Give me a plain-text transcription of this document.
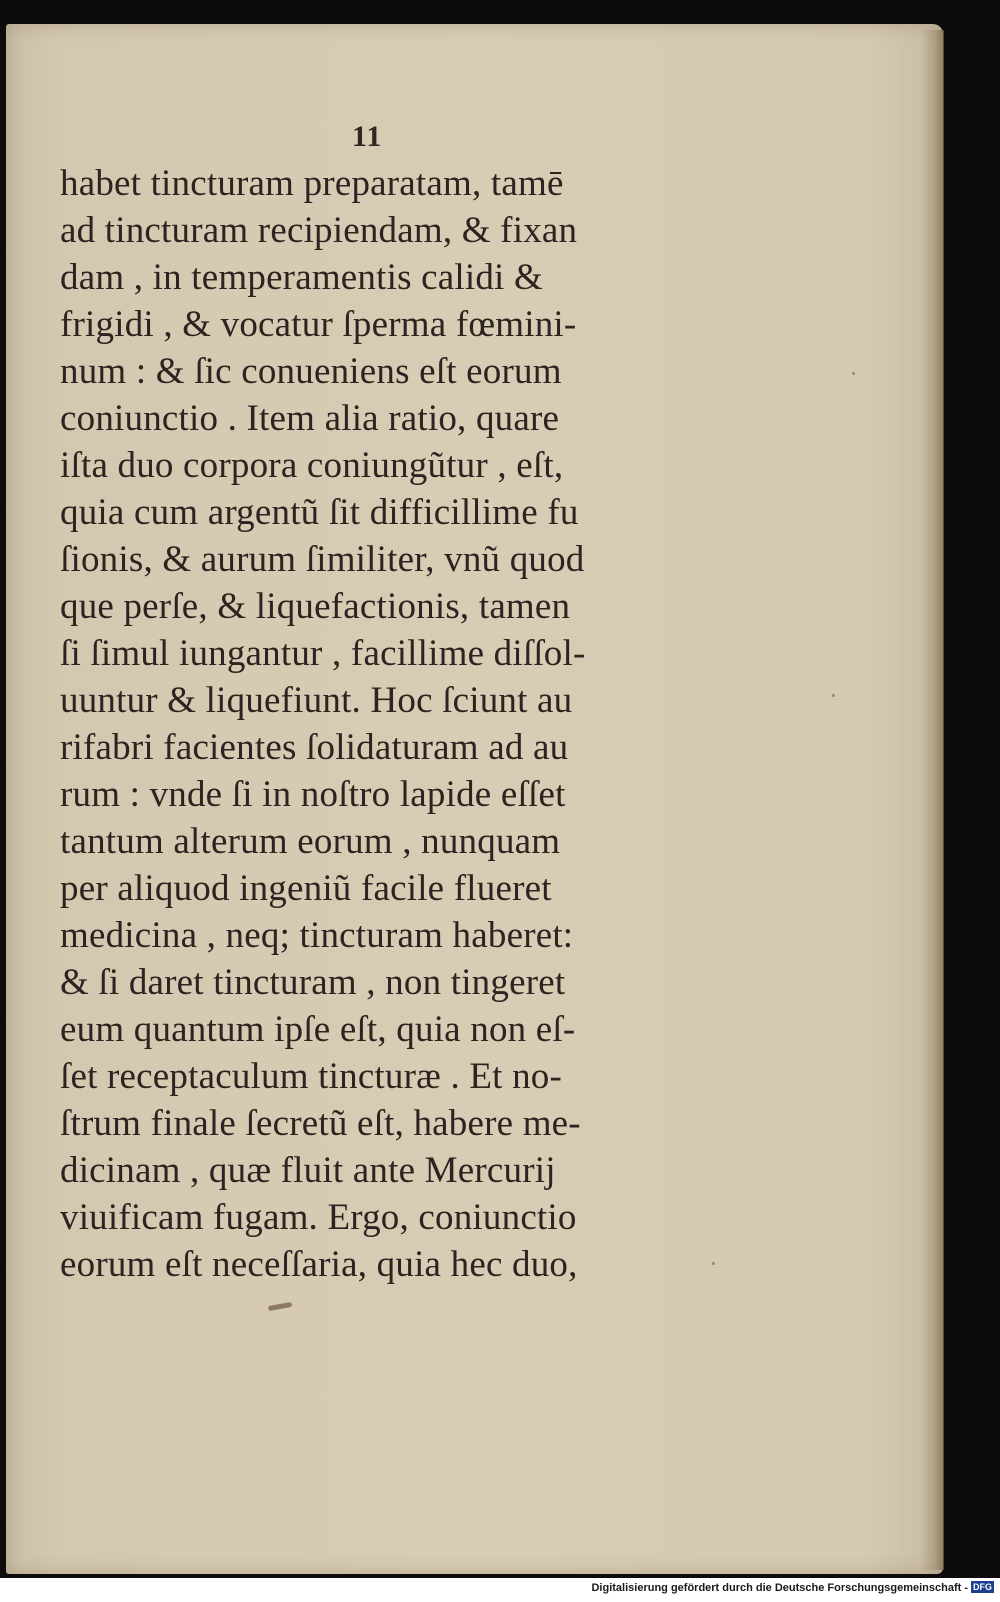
11
habet tincturam preparatam, tamē
ad tincturam recipiendam, & fixan
dam , in temperamentis calidi &
frigidi , & vocatur ſperma fœmini-
num : & ſic conueniens eſt eorum
coniunctio . Item alia ratio, quare
iſta duo corpora coniungũtur , eſt,
quia cum argentũ ſit difficillime fu
ſionis, & aurum ſimiliter, vnũ quod
que perſe, & liquefactionis, tamen
ſi ſimul iungantur , facillime diſſol-
uuntur & liquefiunt. Hoc ſciunt au
rifabri facientes ſolidaturam ad au
rum : vnde ſi in noſtro lapide eſſet
tantum alterum eorum , nunquam
per aliquod ingeniũ facile flueret
medicina , neq; tincturam haberet:
& ſi daret tincturam , non tingeret
eum quantum ipſe eſt, quia non eſ-
ſet receptaculum tincturæ . Et no-
ſtrum finale ſecretũ eſt, habere me-
dicinam , quæ fluit ante Mercurij
viuificam fugam. Ergo, coniunctio
eorum eſt neceſſaria, quia hec duo,
Digitalisierung gefördert durch die Deutsche Forschungsgemeinschaft - DFG
